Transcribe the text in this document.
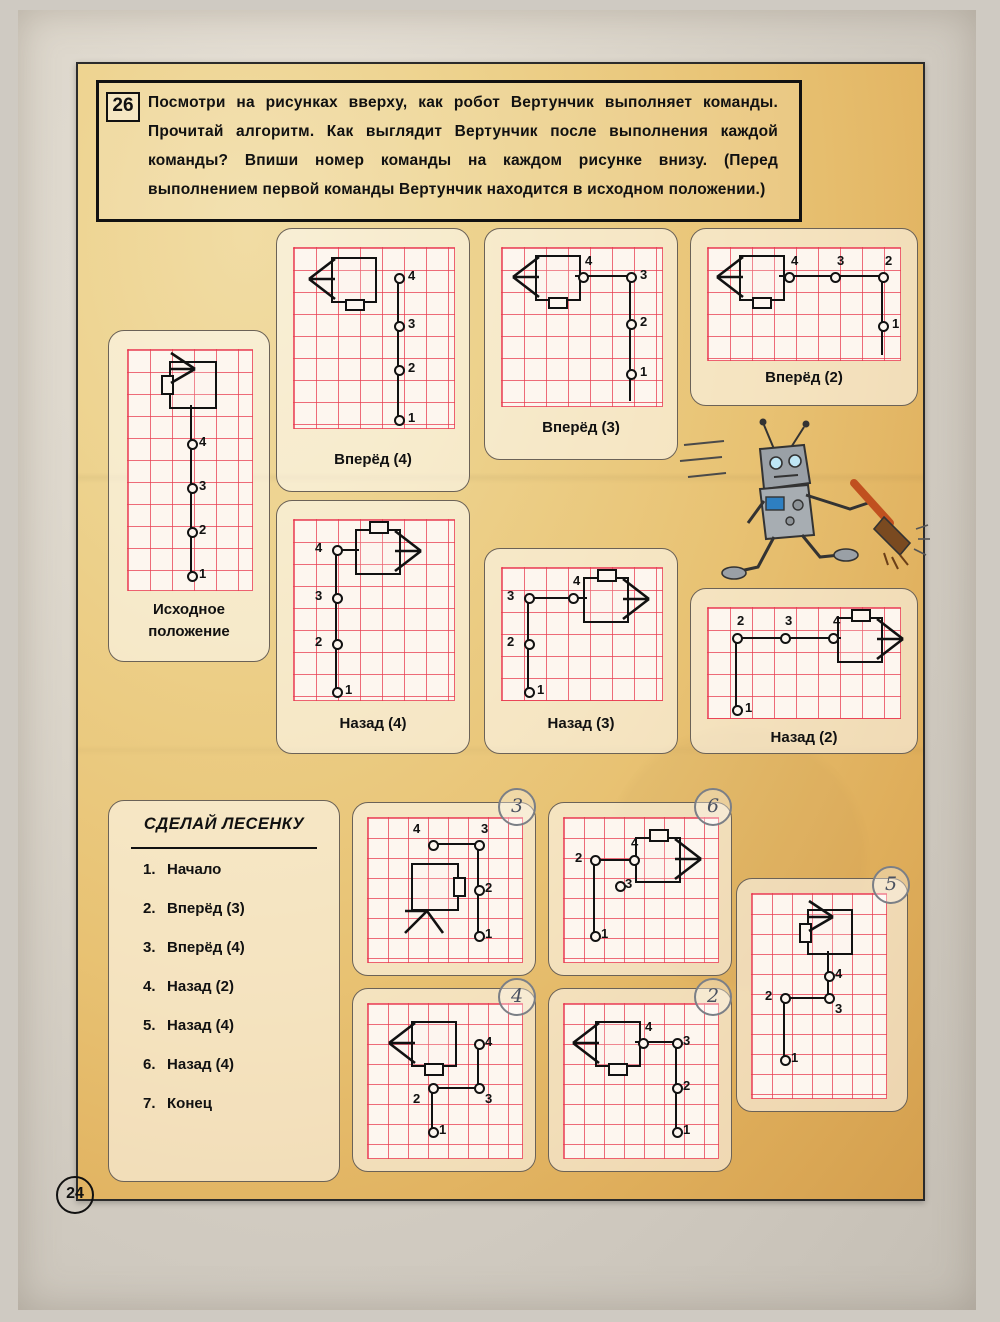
26 Посмотри на рисунках вверху, как робот Вертунчик выполняет команды. Прочитай алгоритм. Как выглядит Вертунчик после выполнения каждой команды? Впиши номер команды на каждом рисунке внизу. (Перед выполнением первой команды Вертунчик находится в исходном положении.)
4
3
2
1
Исходное
положение
4
3
2
1
Вперёд (4)
4
3
2
1
Вперёд (3)
4	3	2
1
Вперёд (2)
4
3
2
1
Назад (4)
4
3
2
1
Назад (3)
2	3	4
1
Назад (2)
СДЕЛАЙ ЛЕСЕНКУ
1. Начало
2. Вперёд (3)
3. Вперёд (4)
4. Назад (2)
5. Назад (4)
6. Назад (4)
7. Конец
4	3
2
1
3
4
2
3
1
6
4
3
2
1
5
4
3
2
1
4
4
3
2
1
2
24
